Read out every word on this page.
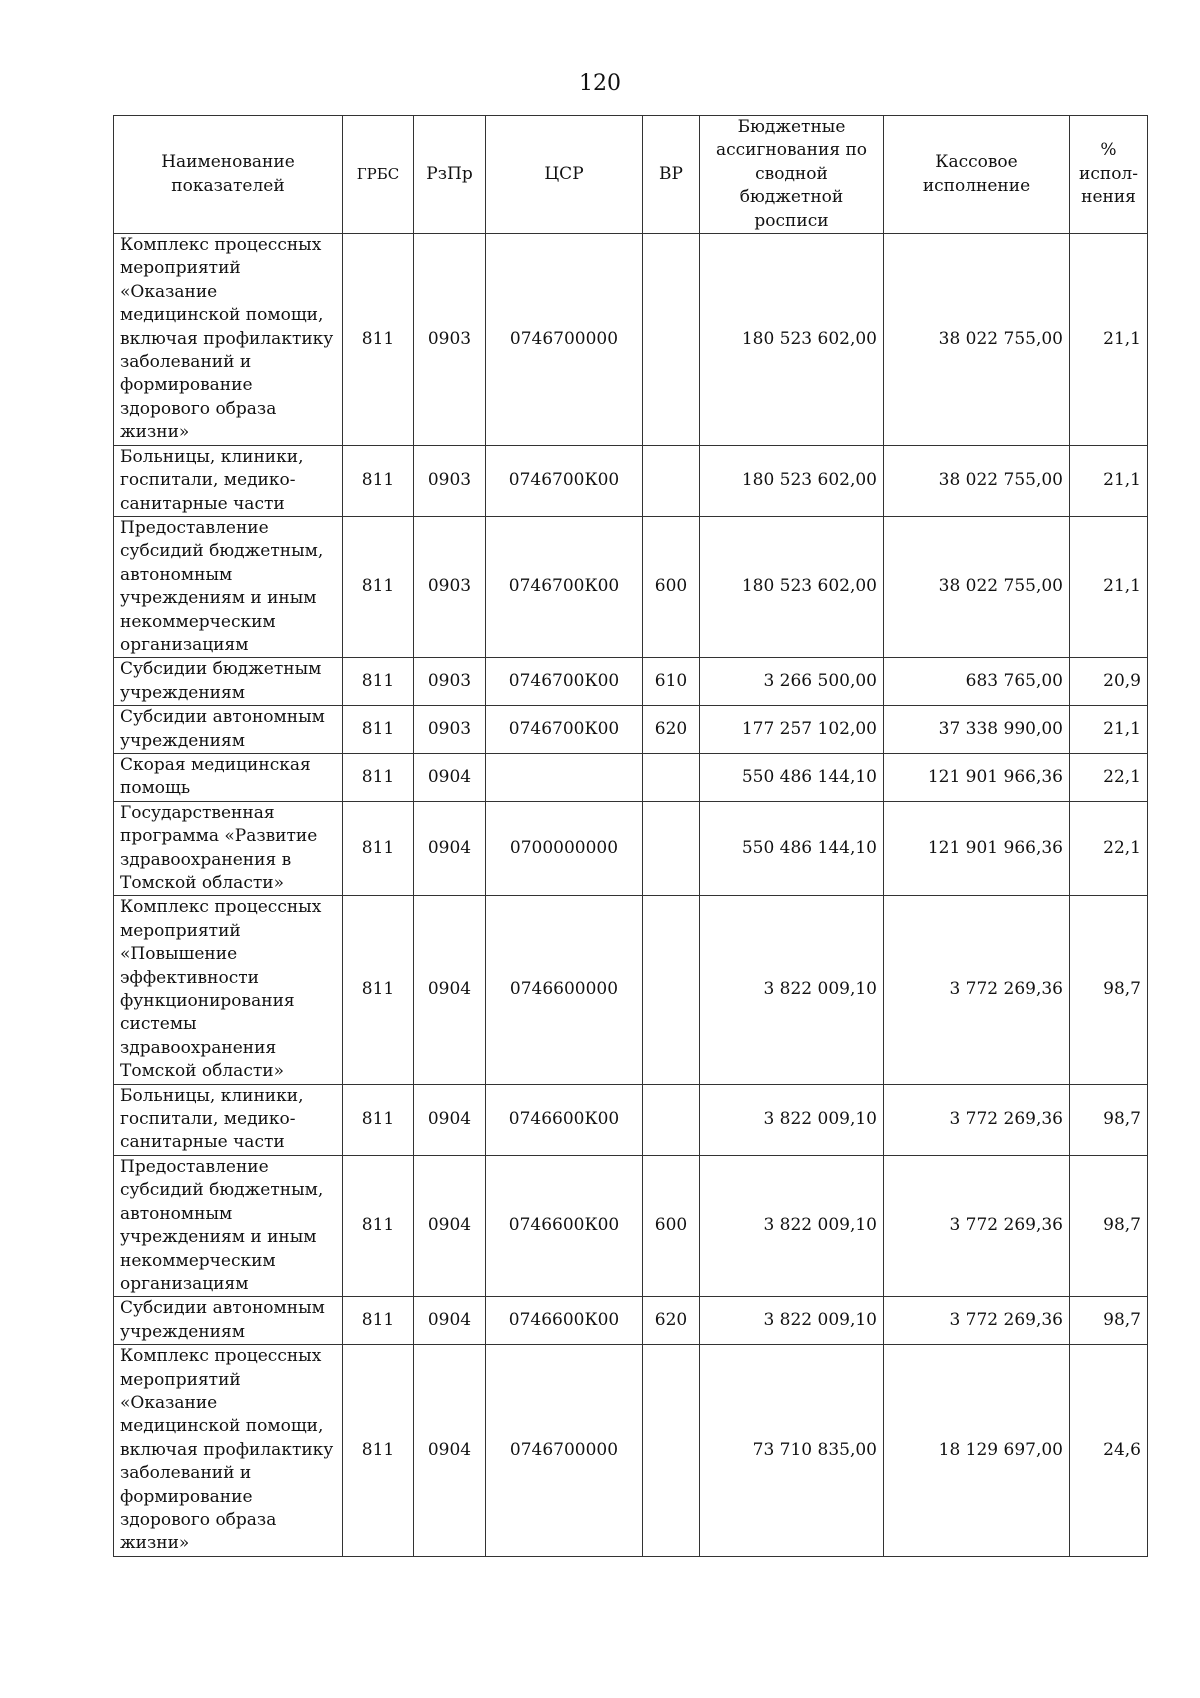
120
Наименование показателей	ГРБС	РзПр	ЦСР	ВР	Бюджетные ассигнования по сводной бюджетной росписи	Кассовое исполнение	% испол-нения
Комплекс процессных мероприятий «Оказание медицинской помощи, включая профилактику заболеваний и формирование здорового образа жизни»	811	0903	0746700000		180 523 602,00	38 022 755,00	21,1
Больницы, клиники, госпитали, медико-санитарные части	811	0903	0746700К00		180 523 602,00	38 022 755,00	21,1
Предоставление субсидий бюджетным, автономным учреждениям и иным некоммерческим организациям	811	0903	0746700К00	600	180 523 602,00	38 022 755,00	21,1
Субсидии бюджетным учреждениям	811	0903	0746700К00	610	3 266 500,00	683 765,00	20,9
Субсидии автономным учреждениям	811	0903	0746700К00	620	177 257 102,00	37 338 990,00	21,1
Скорая медицинская помощь	811	0904			550 486 144,10	121 901 966,36	22,1
Государственная программа «Развитие здравоохранения в Томской области»	811	0904	0700000000		550 486 144,10	121 901 966,36	22,1
Комплекс процессных мероприятий «Повышение эффективности функционирования системы здравоохранения Томской области»	811	0904	0746600000		3 822 009,10	3 772 269,36	98,7
Больницы, клиники, госпитали, медико-санитарные части	811	0904	0746600К00		3 822 009,10	3 772 269,36	98,7
Предоставление субсидий бюджетным, автономным учреждениям и иным некоммерческим организациям	811	0904	0746600К00	600	3 822 009,10	3 772 269,36	98,7
Субсидии автономным учреждениям	811	0904	0746600К00	620	3 822 009,10	3 772 269,36	98,7
Комплекс процессных мероприятий «Оказание медицинской помощи, включая профилактику заболеваний и формирование здорового образа жизни»	811	0904	0746700000		73 710 835,00	18 129 697,00	24,6
